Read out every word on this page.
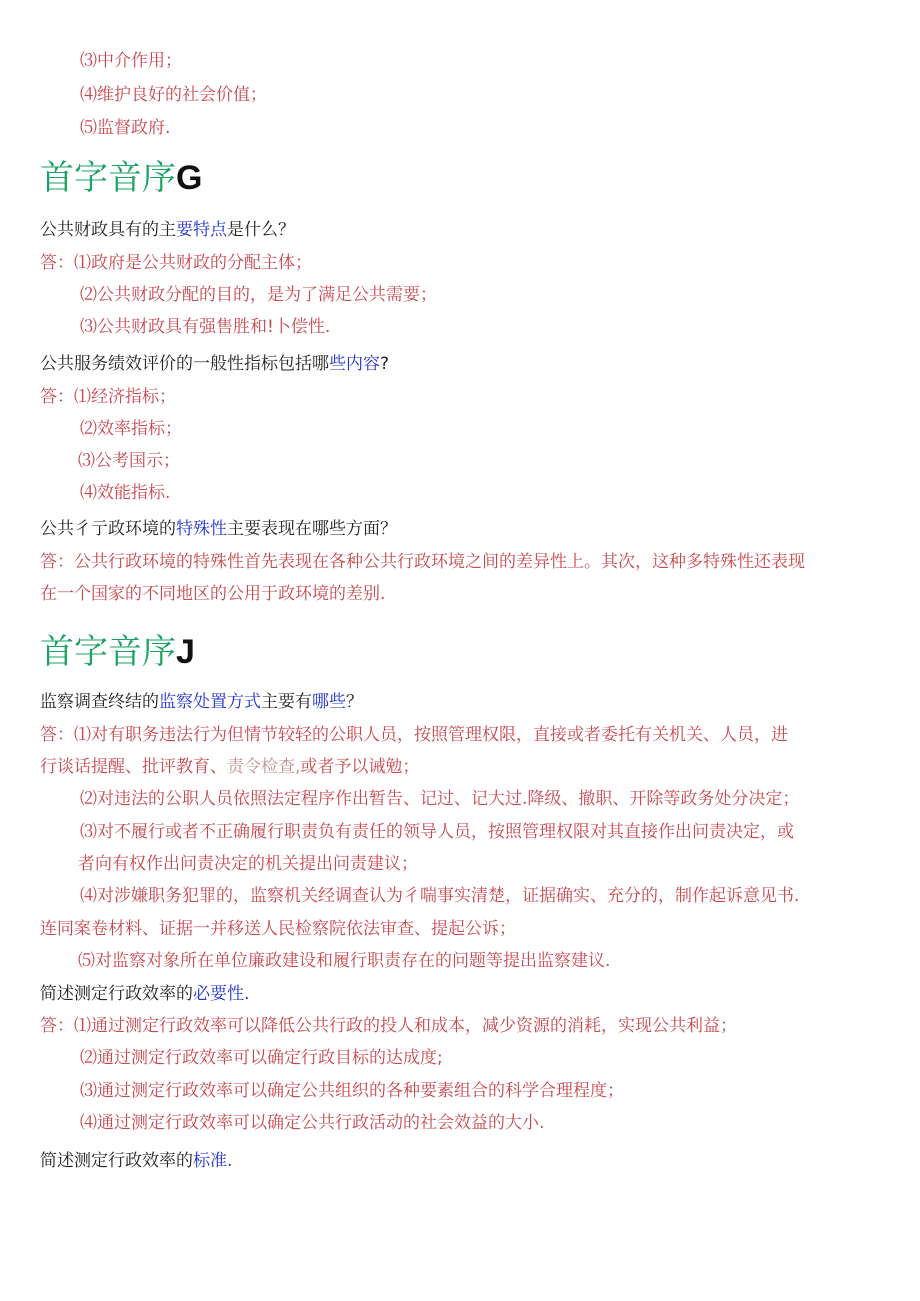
⑶中介作用；
⑷维护良好的社会价值；
⑸监督政府.
首字音序G
公共财政具有的主要特点是什么？
答：⑴政府是公共财政的分配主体；
⑵公共财政分配的目的，是为了满足公共需要；
⑶公共财政具有强售胜和!卜偿性.
公共服务绩效评价的一般性指标包括哪些内容?
答：⑴经济指标；
⑵效率指标；
⑶公考国示；
⑷效能指标.
公共彳亍政环境的特殊性主要表现在哪些方面？
答：公共行政环境的特殊性首先表现在各种公共行政环境之间的差异性上。其次，这种多特殊性还表现
在一个国家的不同地区的公用于政环境的差别.
首字音序J
监察调查终结的监察处置方式主要有哪些？
答：⑴对有职务违法行为但情节较轻的公职人员，按照管理权限，直接或者委托有关机关、人员，进
行谈话提醒、批评教育、责令检查,或者予以诫勉；
⑵对违法的公职人员依照法定程序作出暂告、记过、记大过.降级、撤职、开除等政务处分决定；
⑶对不履行或者不正确履行职责负有责任的领导人员，按照管理权限对其直接作出问责决定，或
者向有权作出问责决定的机关提出问责建议；
⑷对涉嫌职务犯罪的，监察机关经调查认为彳喘事实清楚，证据确实、充分的，制作起诉意见书.
连同案卷材料、证据一并移送人民检察院依法审查、提起公诉；
⑸对监察对象所在单位廉政建设和履行职责存在的问题等提出监察建议.
简述测定行政效率的必要性.
答：⑴通过测定行政效率可以降低公共行政的投人和成本，减少资源的消耗，实现公共利益；
⑵通过测定行政效率可以确定行政目标的达成度;
⑶通过测定行政效率可以确定公共组织的各种要素组合的科学合理程度；
⑷通过测定行政效率可以确定公共行政活动的社会效益的大小.
简述测定行政效率的标准.
